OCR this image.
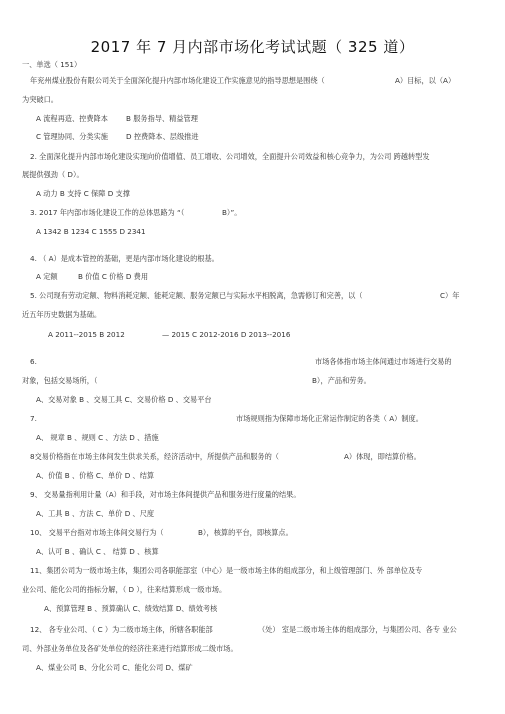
2017 年 7 月内部市场化考试试题（ 325 道）
一、单选（ 151）
年兖州煤业股份有限公司关于全面深化提升内部市场化建设工作实施意见的指导思想是围绕（	A）目标，以（A）
为突破口。
A 流程再造、控费降本	B 服务指导、精益管理
C 管理协同、分类实施	D 控费降本、层级推进
2. 全面深化提升内部市场化建设实现向价值增值、员工增收、公司增效，全面提升公司效益和核心竞争力，为公司 跨越转型发
展提供强劲（ D）。
A 动力 B 支持 C 保障 D 支撑
3. 2017 年内部市场化建设工作的总体思路为 “（	B）”。
A 1342 B 1234 C 1555 D 2341
4. （ A）是成本管控的基础，更是内部市场化建设的根基。
A 定额	B 价值 C 价格 D 费用
5. 公司现有劳动定额、物料消耗定额、能耗定额、服务定额已与实际水平相脱离，急需修订和完善，以（	C）年
近五年历史数据为基础。
A 2011--2015 B 2012	— 2015 C 2012-2016 D 2013--2016
6.	市场各体指市场主体间通过市场进行交易的
对象，包括交易场所，（	B），产品和劳务。
A、交易对象 B 、交易工具 C、交易价格 D 、交易平台
7.	市场规则指为保障市场化正常运作制定的各类（ A）制度。
A、 规章 B 、规则 C 、方法 D 、措施
8交易价格指在市场主体间发生供求关系，经济活动中，所提供产品和服务的（	A）体现，即结算价格。
A、价值 B 、价格 C、单价 D 、结算
9、 交易量指利用计量（A）和手段，对市场主体间提供产品和服务进行度量的结果。
A、工具 B 、方法 C、单价 D 、尺度
10、 交易平台指对市场主体间交易行为（	B），核算的平台，即核算点。
A、认可 B 、确认 C 、 结算 D 、核算
11、集团公司为一级市场主体，集团公司各职能部室（中心）是一级市场主体的组成部分，和上级管理部门、外 部单位及专
业公司、能化公司的指标分解，（ D ），往来结算形成一级市场。
A、预算管理 B 、预算确认 C、绩效结算 D、绩效考核
12、 各专业公司、（ C ）为二级市场主体，所辖各职能部	（处） 室是二级市场主体的组成部分，与集团公司、各专 业公
司、外部业务单位及各矿处单位的经济往来进行结算形成二级市场。
A、煤业公司 B、分化公司 C、能化公司 D、煤矿
